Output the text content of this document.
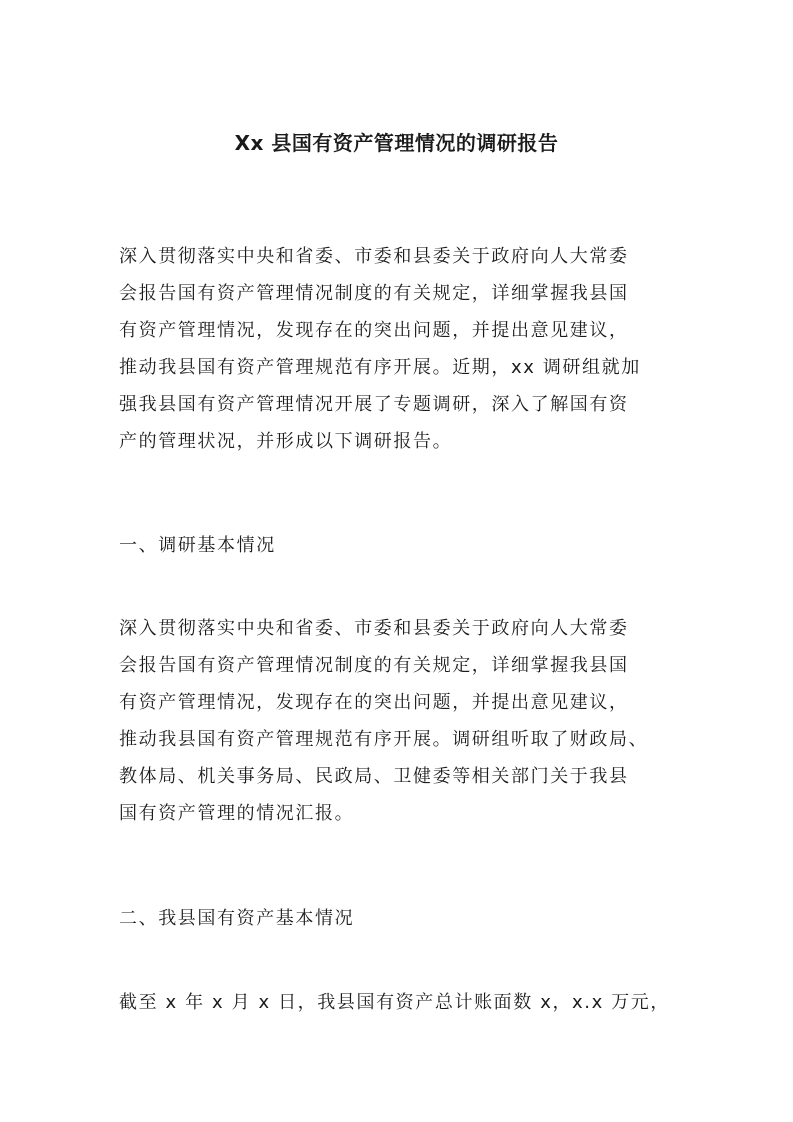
Xx 县国有资产管理情况的调研报告
深入贯彻落实中央和省委、市委和县委关于政府向人大常委
会报告国有资产管理情况制度的有关规定，详细掌握我县国
有资产管理情况，发现存在的突出问题，并提出意见建议，
推动我县国有资产管理规范有序开展。近期，xx 调研组就加
强我县国有资产管理情况开展了专题调研，深入了解国有资
产的管理状况，并形成以下调研报告。
一、调研基本情况
深入贯彻落实中央和省委、市委和县委关于政府向人大常委
会报告国有资产管理情况制度的有关规定，详细掌握我县国
有资产管理情况，发现存在的突出问题，并提出意见建议，
推动我县国有资产管理规范有序开展。调研组听取了财政局、
教体局、机关事务局、民政局、卫健委等相关部门关于我县
国有资产管理的情况汇报。
二、我县国有资产基本情况
截至 x 年 x 月 x 日，我县国有资产总计账面数 x，x.x 万元，
